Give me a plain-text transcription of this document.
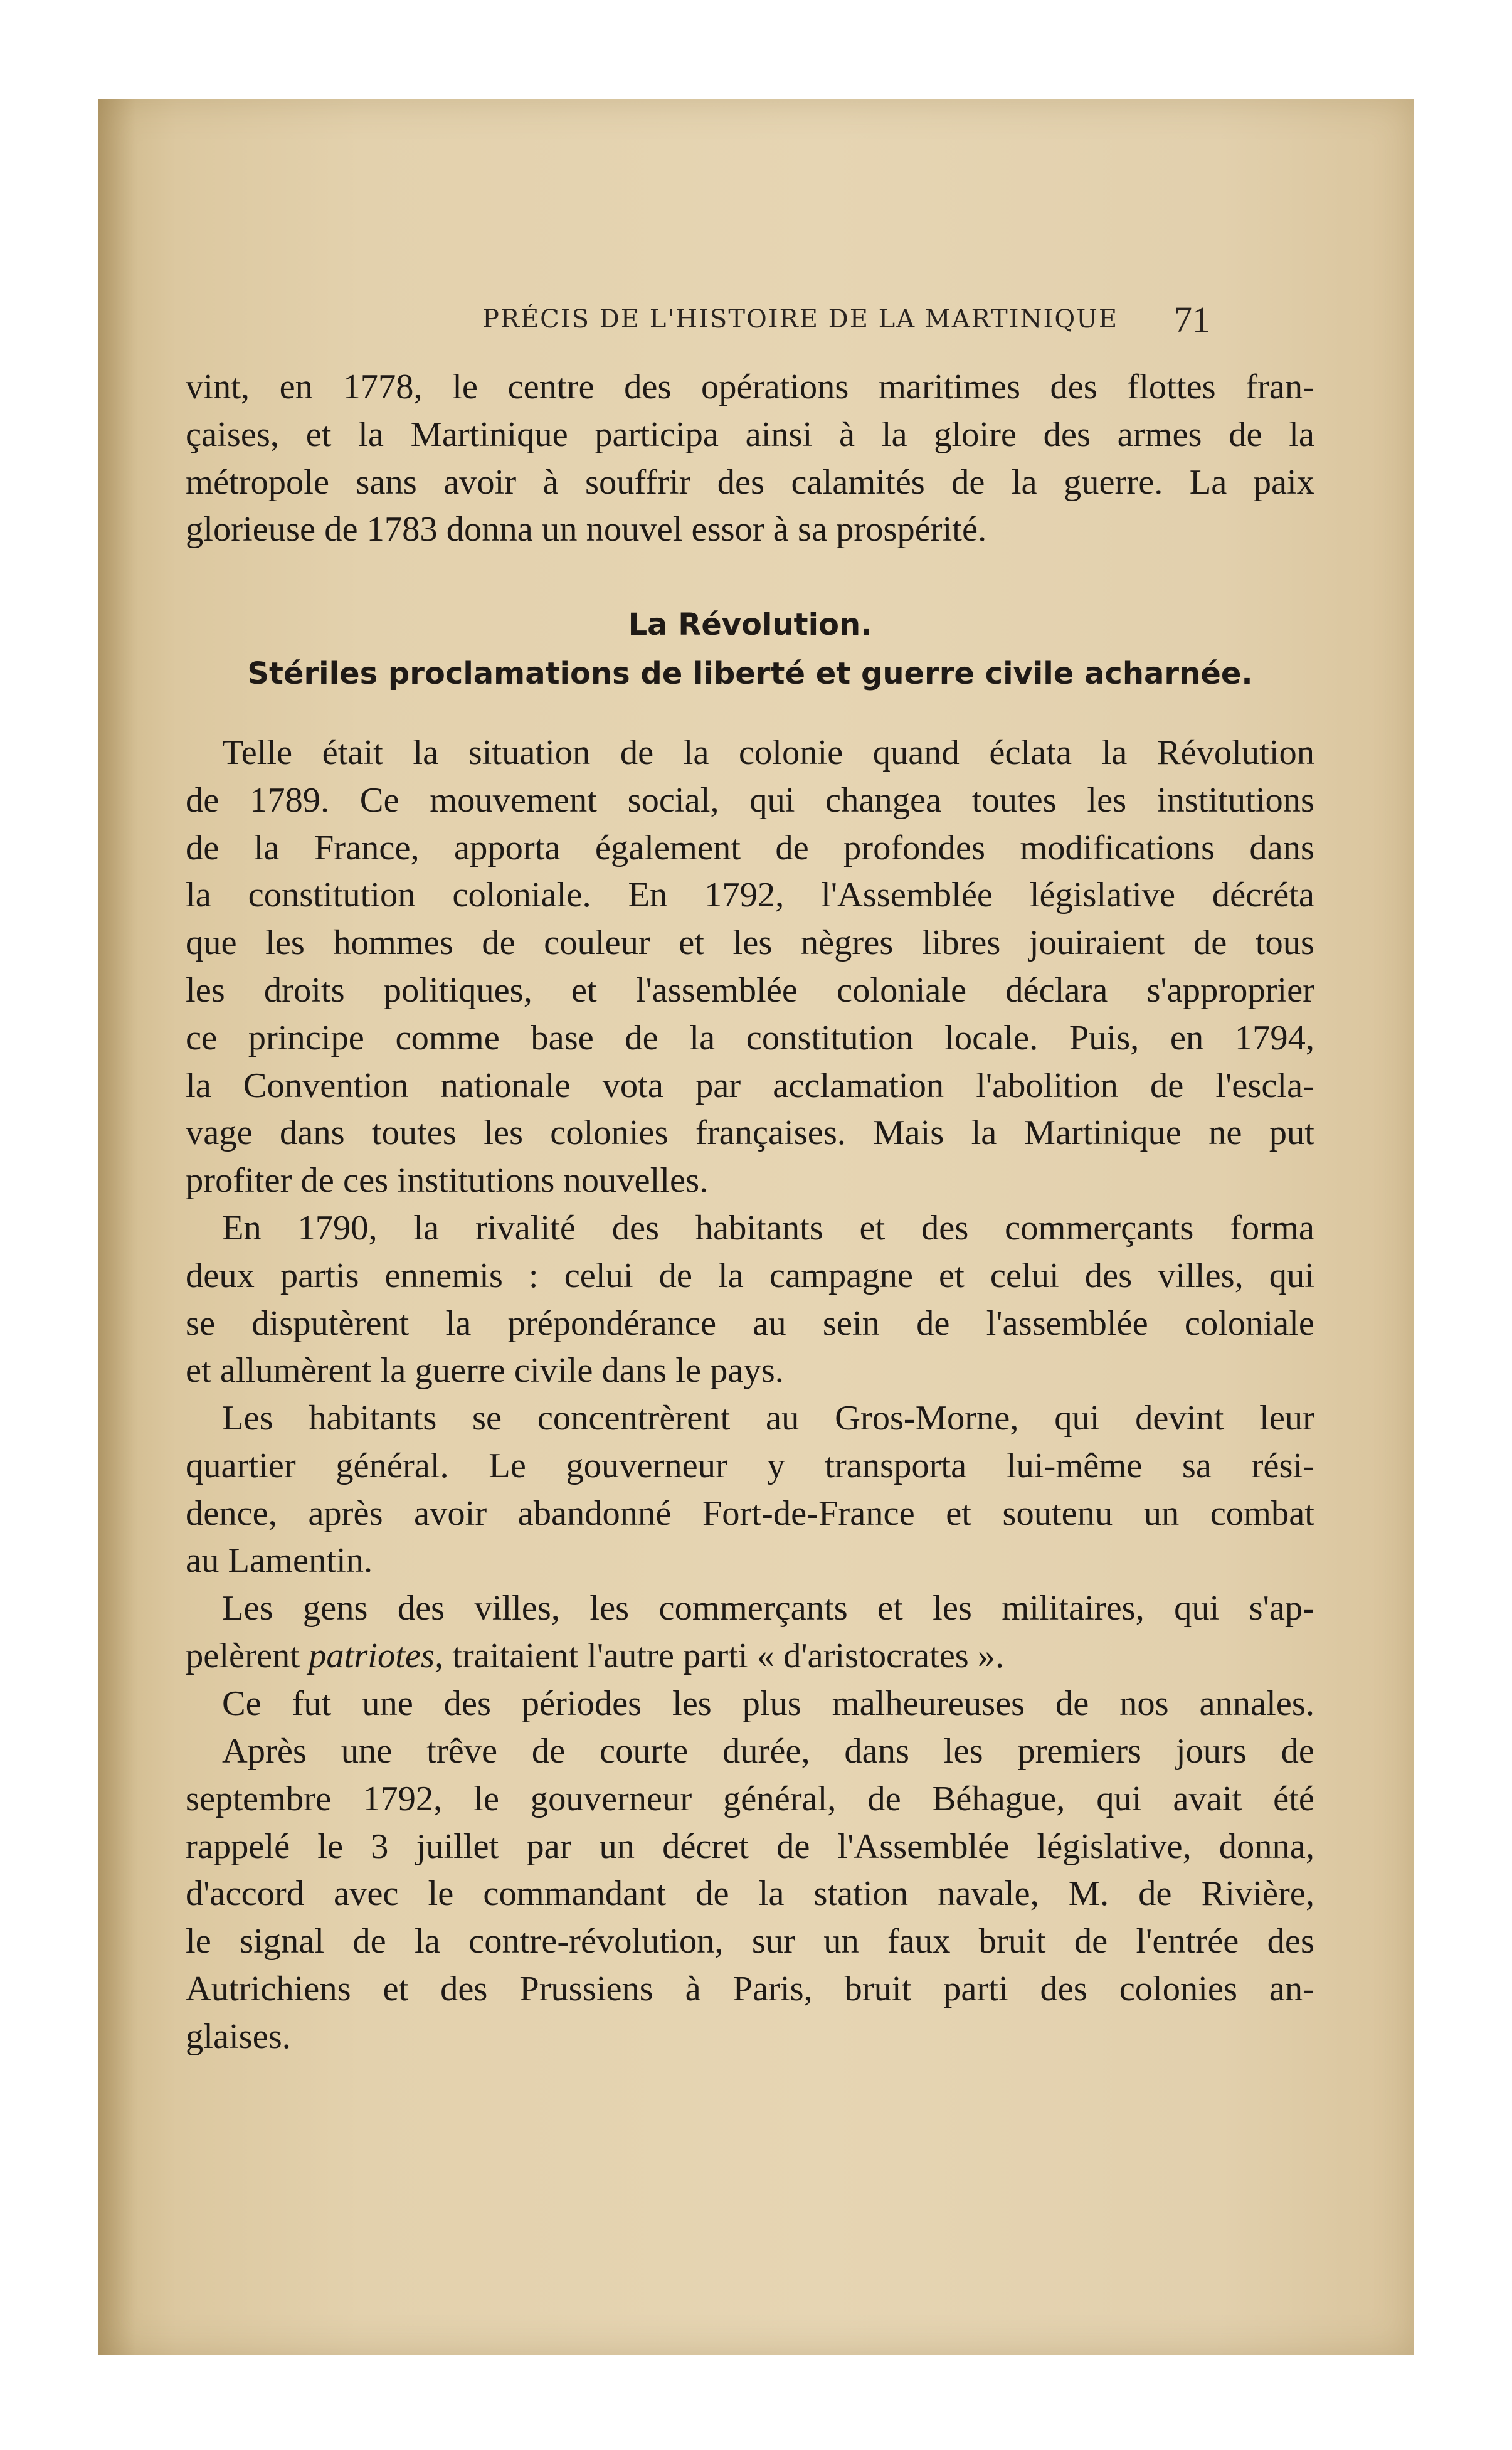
PRÉCIS DE L'HISTOIRE DE LA MARTINIQUE	71
vint, en 1778, le centre des opérations maritimes des flottes fran-
çaises, et la Martinique participa ainsi à la gloire des armes de la
métropole sans avoir à souffrir des calamités de la guerre. La paix
glorieuse de 1783 donna un nouvel essor à sa prospérité.
La Révolution.
Stériles proclamations de liberté et guerre civile acharnée.
Telle était la situation de la colonie quand éclata la Révolution
de 1789. Ce mouvement social, qui changea toutes les institutions
de la France, apporta également de profondes modifications dans
la constitution coloniale. En 1792, l'Assemblée législative décréta
que les hommes de couleur et les nègres libres jouiraient de tous
les droits politiques, et l'assemblée coloniale déclara s'approprier
ce principe comme base de la constitution locale. Puis, en 1794,
la Convention nationale vota par acclamation l'abolition de l'escla-
vage dans toutes les colonies françaises. Mais la Martinique ne put
profiter de ces institutions nouvelles.
En 1790, la rivalité des habitants et des commerçants forma
deux partis ennemis : celui de la campagne et celui des villes, qui
se disputèrent la prépondérance au sein de l'assemblée coloniale
et allumèrent la guerre civile dans le pays.
Les habitants se concentrèrent au Gros-Morne, qui devint leur
quartier général. Le gouverneur y transporta lui-même sa rési-
dence, après avoir abandonné Fort-de-France et soutenu un combat
au Lamentin.
Les gens des villes, les commerçants et les militaires, qui s'ap-
pelèrent patriotes, traitaient l'autre parti « d'aristocrates ».
Ce fut une des périodes les plus malheureuses de nos annales.
Après une trêve de courte durée, dans les premiers jours de
septembre 1792, le gouverneur général, de Béhague, qui avait été
rappelé le 3 juillet par un décret de l'Assemblée législative, donna,
d'accord avec le commandant de la station navale, M. de Rivière,
le signal de la contre-révolution, sur un faux bruit de l'entrée des
Autrichiens et des Prussiens à Paris, bruit parti des colonies an-
glaises.
